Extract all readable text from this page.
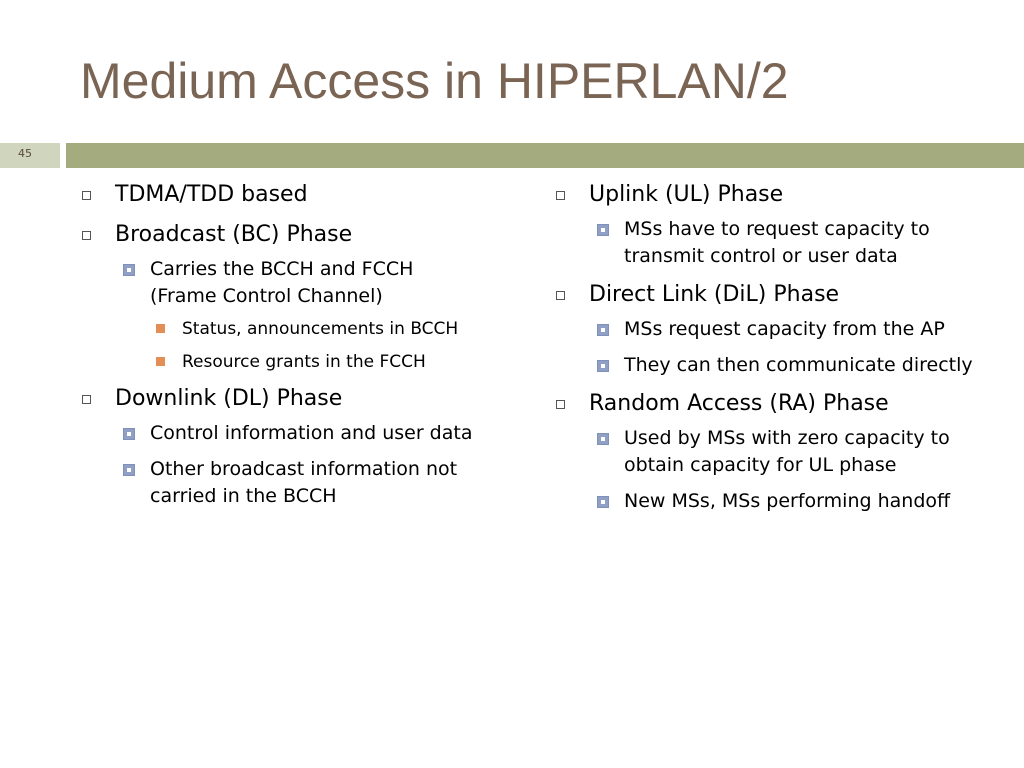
Medium Access in HIPERLAN/2
45
TDMA/TDD based
Broadcast (BC) Phase
Carries the BCCH and FCCH (Frame Control Channel)
Status, announcements in BCCH
Resource grants in the FCCH
Downlink (DL) Phase
Control information and user data
Other broadcast information not carried in the BCCH
Uplink (UL) Phase
MSs have to request capacity to transmit control or user data
Direct Link (DiL) Phase
MSs request capacity from the AP
They can then communicate directly
Random Access (RA) Phase
Used by MSs with zero capacity to obtain capacity for UL phase
New MSs, MSs performing handoff
